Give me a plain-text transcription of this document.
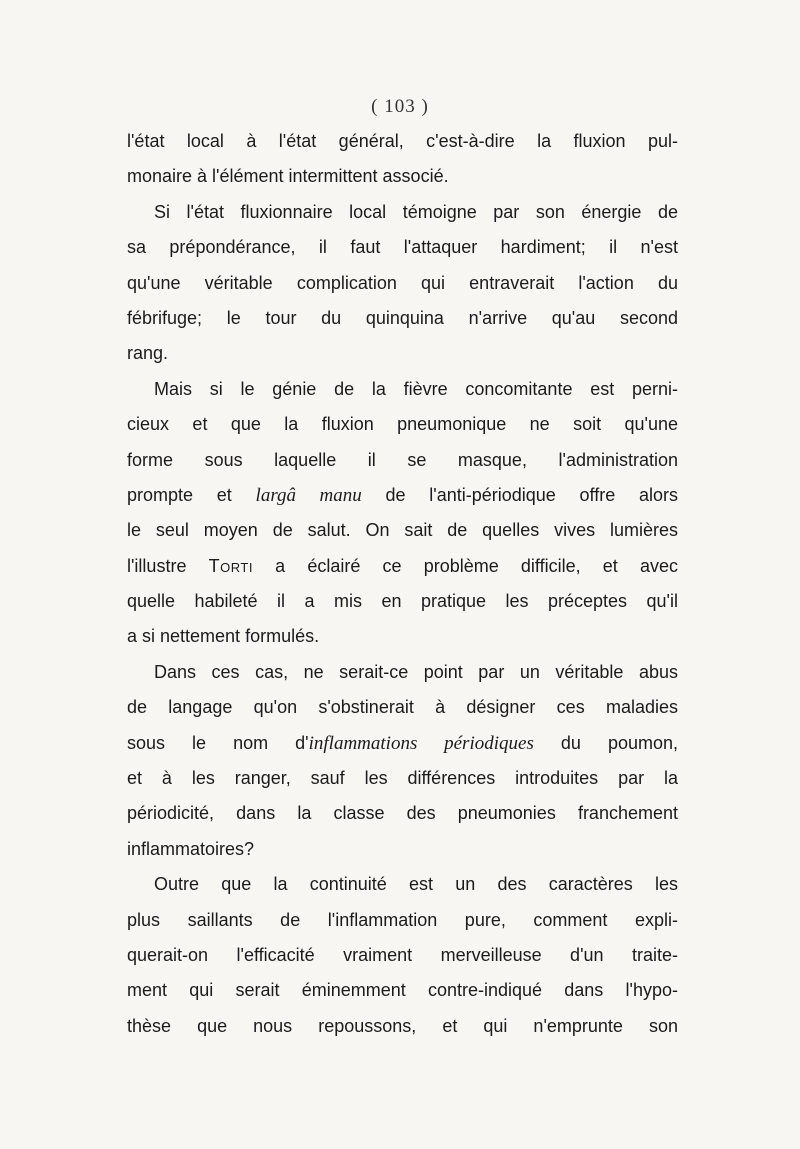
( 103 )
l'état local à l'état général, c'est-à-dire la fluxion pul-
monaire à l'élément intermittent associé.
Si l'état fluxionnaire local témoigne par son énergie de
sa prépondérance, il faut l'attaquer hardiment; il n'est
qu'une véritable complication qui entraverait l'action du
fébrifuge; le tour du quinquina n'arrive qu'au second
rang.
Mais si le génie de la fièvre concomitante est perni-
cieux et que la fluxion pneumonique ne soit qu'une
forme sous laquelle il se masque, l'administration
prompte et largâ manu de l'anti-périodique offre alors
le seul moyen de salut. On sait de quelles vives lumières
l'illustre Torti a éclairé ce problème difficile, et avec
quelle habileté il a mis en pratique les préceptes qu'il
a si nettement formulés.
Dans ces cas, ne serait-ce point par un véritable abus
de langage qu'on s'obstinerait à désigner ces maladies
sous le nom d'inflammations périodiques du poumon,
et à les ranger, sauf les différences introduites par la
périodicité, dans la classe des pneumonies franchement
inflammatoires?
Outre que la continuité est un des caractères les
plus saillants de l'inflammation pure, comment expli-
querait-on l'efficacité vraiment merveilleuse d'un traite-
ment qui serait éminemment contre-indiqué dans l'hypo-
thèse que nous repoussons, et qui n'emprunte son
